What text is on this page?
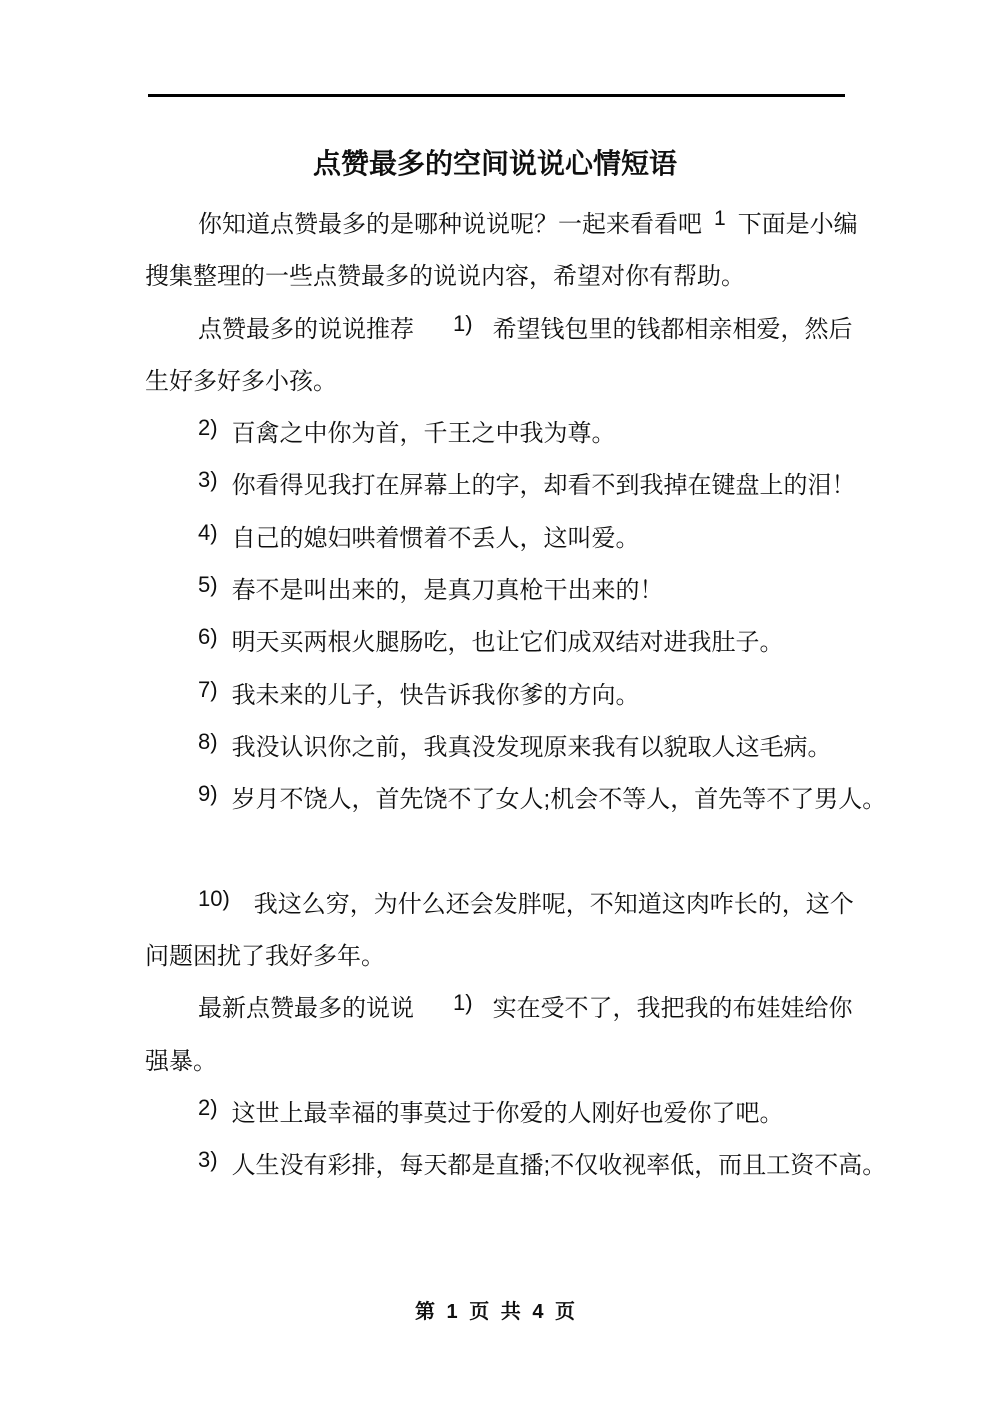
点赞最多的空间说说心情短语
你知道点赞最多的是哪种说说呢？一起来看看吧 1 下面是小编
搜集整理的一些点赞最多的说说内容，希望对你有帮助。
点赞最多的说说推荐 1) 希望钱包里的钱都相亲相爱，然后
生好多好多小孩。
2) 百禽之中你为首，千王之中我为尊。
3) 你看得见我打在屏幕上的字，却看不到我掉在键盘上的泪！
4) 自己的媳妇哄着惯着不丢人，这叫爱。
5) 春不是叫出来的，是真刀真枪干出来的！
6) 明天买两根火腿肠吃，也让它们成双结对进我肚子。
7) 我未来的儿子，快告诉我你爹的方向。
8) 我没认识你之前，我真没发现原来我有以貌取人这毛病。
9) 岁月不饶人，首先饶不了女人;机会不等人，首先等不了男人。
10) 我这么穷，为什么还会发胖呢，不知道这肉咋长的，这个
问题困扰了我好多年。
最新点赞最多的说说 1) 实在受不了，我把我的布娃娃给你
强暴。
2) 这世上最幸福的事莫过于你爱的人刚好也爱你了吧。
3) 人生没有彩排，每天都是直播;不仅收视率低，而且工资不高。
第 1 页 共 4 页
